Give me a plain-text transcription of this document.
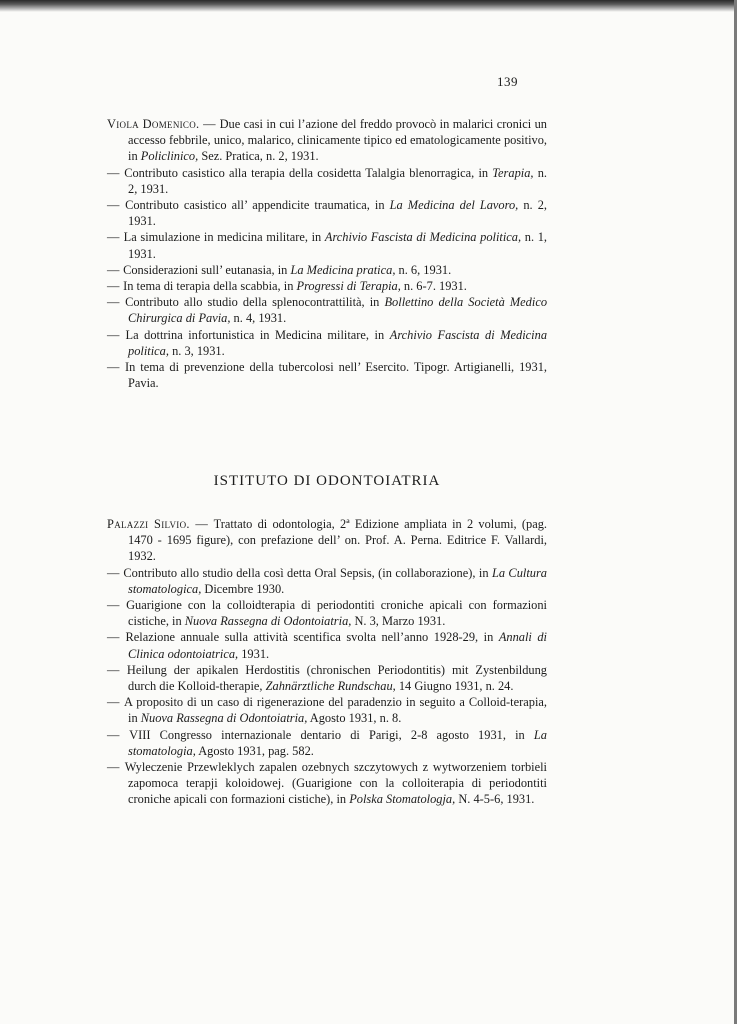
139

Viola Domenico. — Due casi in cui l’azione del freddo provocò in malarici cronici un accesso febbrile, unico, malarico, clinicamente tipico ed ematologicamente positivo, in Policlinico, Sez. Pratica, n. 2, 1931.

— Contributo casistico alla terapia della cosidetta Talalgia blenorragica, in Terapia, n. 2, 1931.

— Contributo casistico all’ appendicite traumatica, in La Medicina del Lavoro, n. 2, 1931.

— La simulazione in medicina militare, in Archivio Fascista di Medicina politica, n. 1, 1931.

— Considerazioni sull’ eutanasia, in La Medicina pratica, n. 6, 1931.

— In tema di terapia della scabbia, in Progressi di Terapia, n. 6-7. 1931.

— Contributo allo studio della splenocontrattilità, in Bollettino della Società Medico Chirurgica di Pavia, n. 4, 1931.

— La dottrina infortunistica in Medicina militare, in Archivio Fascista di Medicina politica, n. 3, 1931.

— In tema di prevenzione della tubercolosi nell’ Esercito. Tipogr. Artigianelli, 1931, Pavia.

ISTITUTO DI ODONTOIATRIA

Palazzi Silvio. — Trattato di odontologia, 2ª Edizione ampliata in 2 volumi, (pag. 1470 - 1695 figure), con prefazione dell’ on. Prof. A. Perna. Editrice F. Vallardi, 1932.

— Contributo allo studio della così detta Oral Sepsis, (in collaborazione), in La Cultura stomatologica, Dicembre 1930.

— Guarigione con la colloidterapia di periodontiti croniche apicali con formazioni cistiche, in Nuova Rassegna di Odontoiatria, N. 3, Marzo 1931.

— Relazione annuale sulla attività scentifica svolta nell’anno 1928-29, in Annali di Clinica odontoiatrica, 1931.

— Heilung der apikalen Herdostitis (chronischen Periodontitis) mit Zystenbildung durch die Kolloid-therapie, Zahnärztliche Rundschau, 14 Giugno 1931, n. 24.

— A proposito di un caso di rigenerazione del paradenzio in seguito a Colloid-terapia, in Nuova Rassegna di Odontoiatria, Agosto 1931, n. 8.

— VIII Congresso internazionale dentario di Parigi, 2-8 agosto 1931, in La stomatologia, Agosto 1931, pag. 582.

— Wyleczenie Przewleklych zapalen ozebnych szczytowych z wytworzeniem torbieli zapomoca terapji koloidowej. (Guarigione con la colloiterapia di periodontiti croniche apicali con formazioni cistiche), in Polska Stomatologja, N. 4-5-6, 1931.
